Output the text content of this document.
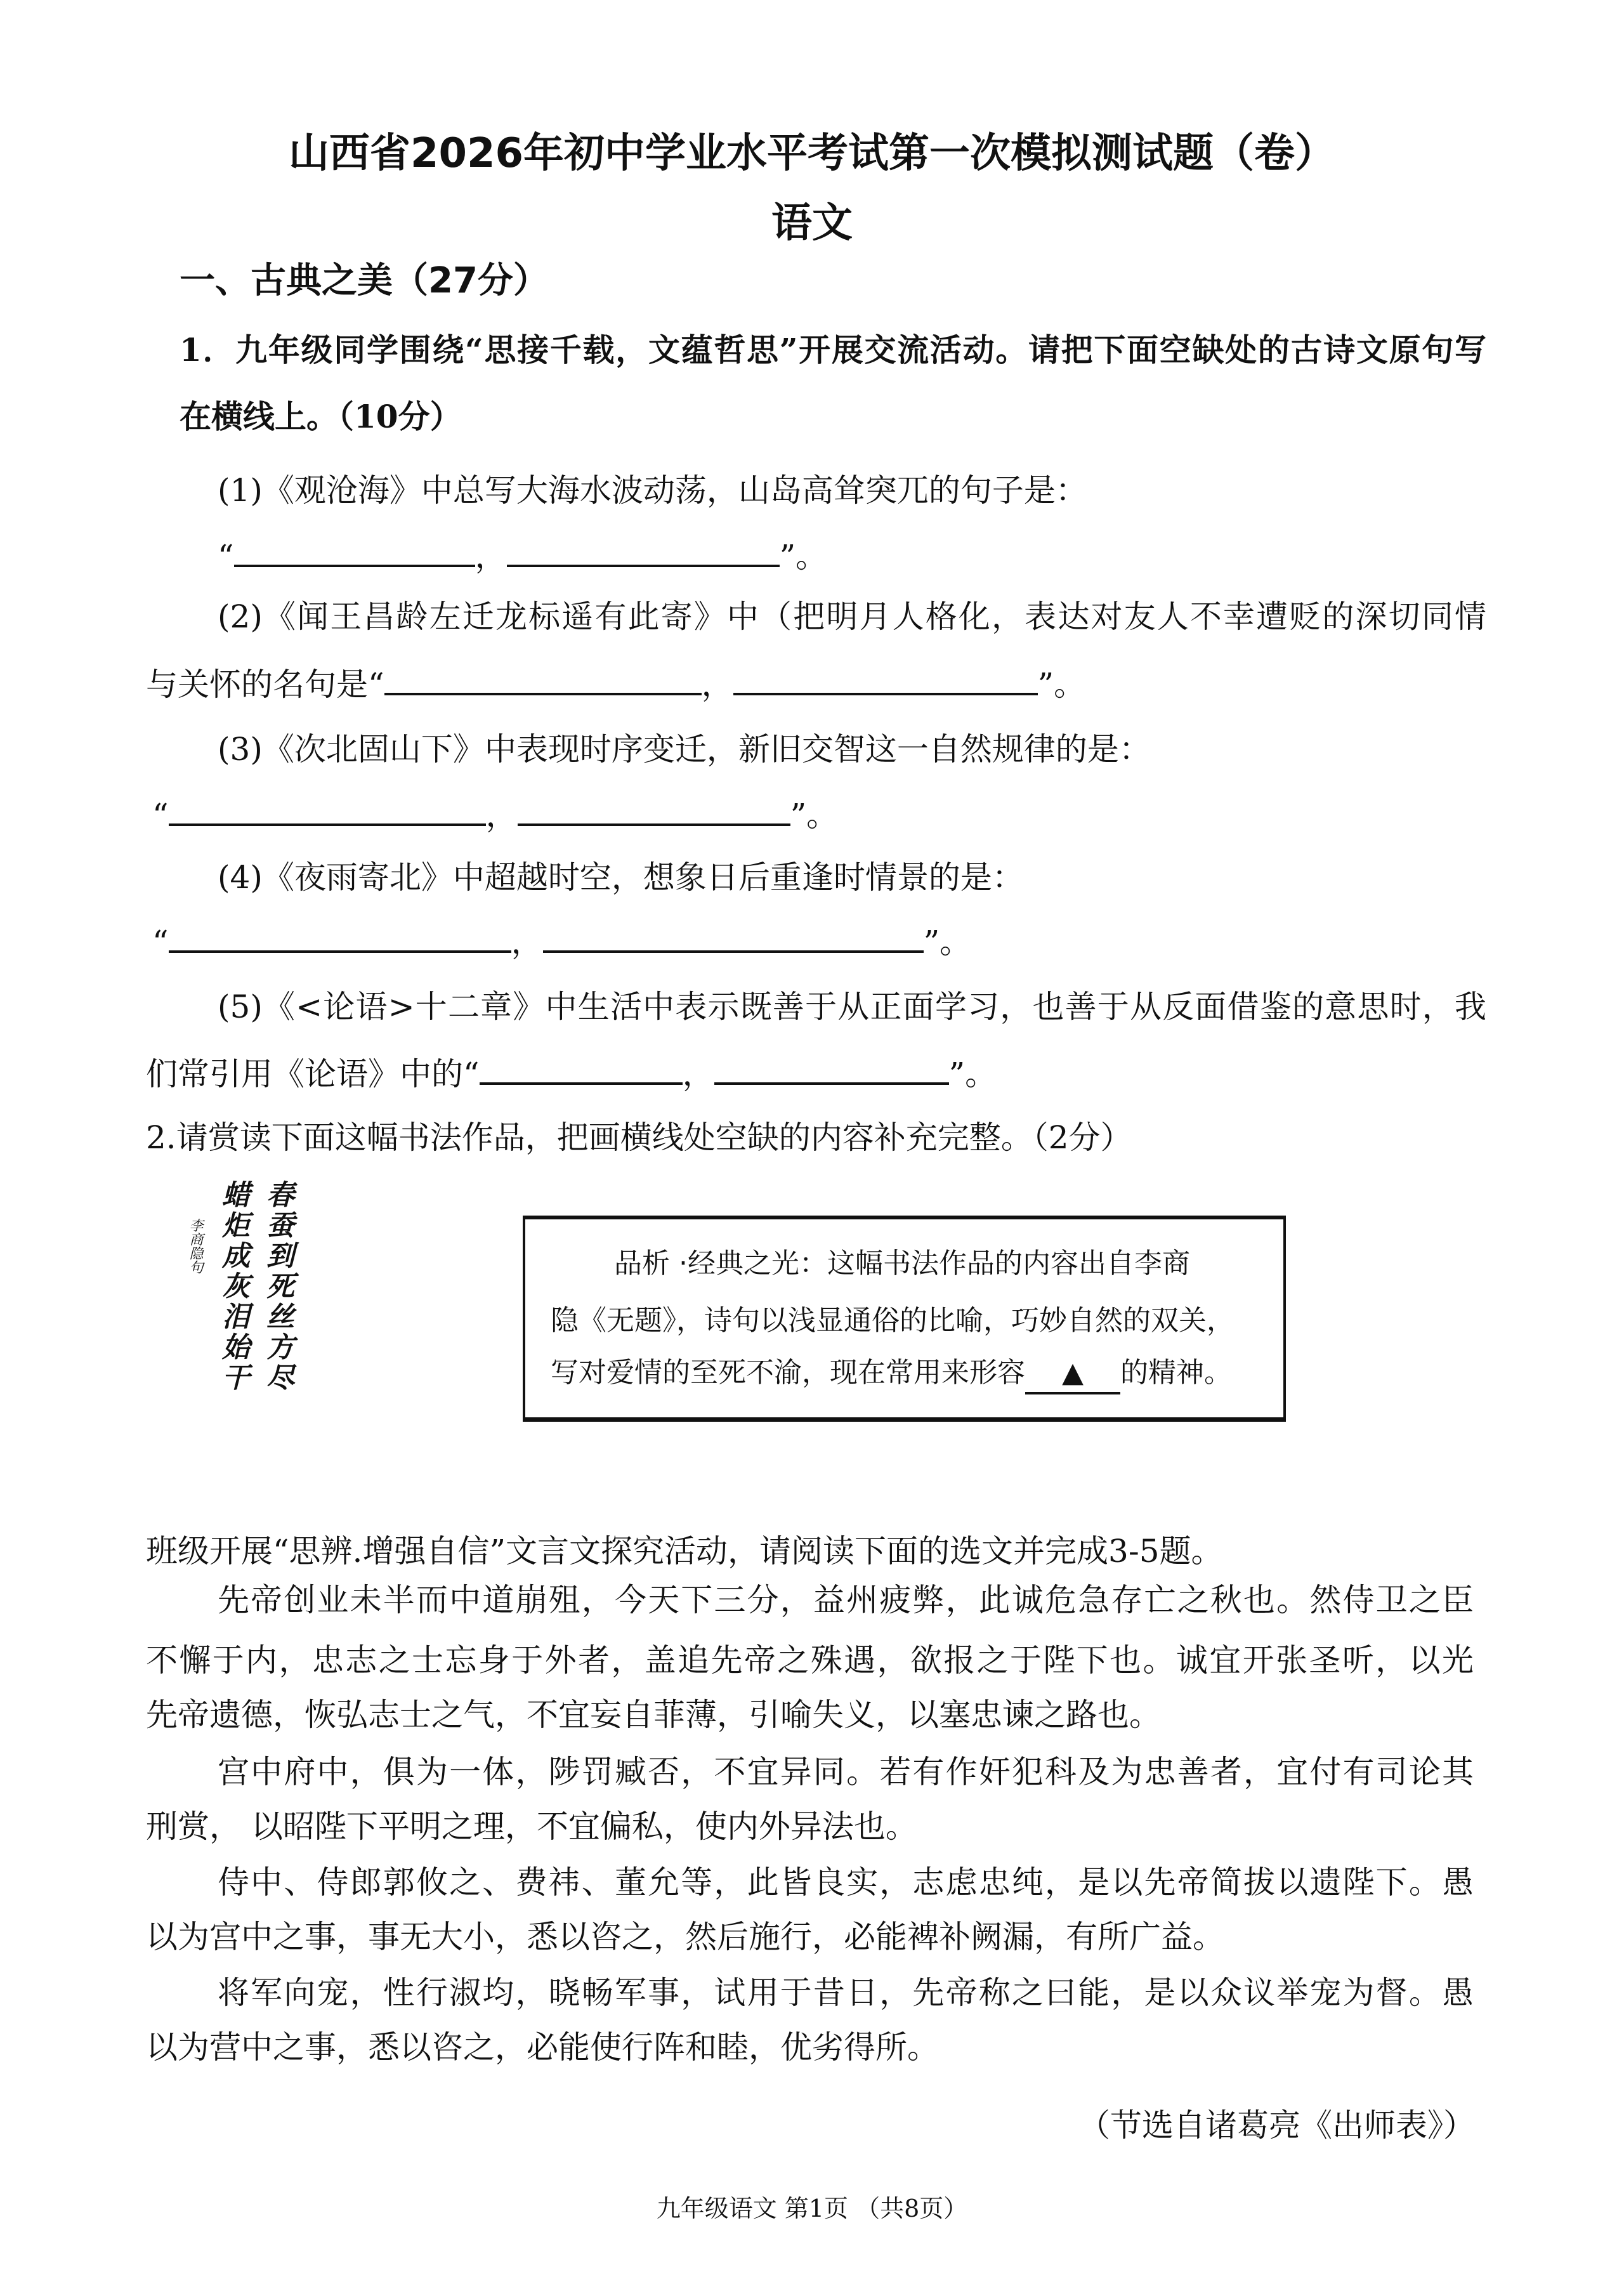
山西省2026年初中学业水平考试第一次模拟测试题（卷）
语文
一、古典之美（27分）
1．九年级同学围绕“思接千载，文蕴哲思”开展交流活动。请把下面空缺处的古诗文原句写
在横线上。（10分）
(1)《观沧海》中总写大海水波动荡，山岛高耸突兀的句子是：
“	，	”。
(2)《闻王昌龄左迁龙标遥有此寄》中（把明月人格化，表达对友人不幸遭贬的深切同情
与关怀的名句是“	，	”。
(3)《次北固山下》中表现时序变迁，新旧交智这一自然规律的是：
“	，	”。
(4)《夜雨寄北》中超越时空，想象日后重逢时情景的是：
“	，	”。
(5)《<论语>十二章》中生活中表示既善于从正面学习，也善于从反面借鉴的意思时，我
们常引用《论语》中的“	，	”。
2.请赏读下面这幅书法作品，把画横线处空缺的内容补充完整。（2分）
春蚕到死丝方尽
蜡炬成灰泪始干
李商隐句	品析 ·经典之光：这幅书法作品的内容出自李商
隐《无题》，诗句以浅显通俗的比喻，巧妙自然的双关，
写对爱情的至死不渝，现在常用来形容 ▲ 的精神。
班级开展“思辨.增强自信”文言文探究活动，请阅读下面的选文并完成3-5题。
先帝创业未半而中道崩殂，今天下三分，益州疲弊，此诚危急存亡之秋也。然侍卫之臣
不懈于内，忠志之士忘身于外者，盖追先帝之殊遇，欲报之于陛下也。诚宜开张圣听，以光
先帝遗德，恢弘志士之气，不宜妄自菲薄，引喻失义，以塞忠谏之路也。
宫中府中，俱为一体，陟罚臧否，不宜异同。若有作奸犯科及为忠善者，宜付有司论其
刑赏， 以昭陛下平明之理，不宜偏私，使内外异法也。
侍中、侍郎郭攸之、费祎、董允等，此皆良实，志虑忠纯，是以先帝简拔以遗陛下。愚
以为宫中之事，事无大小，悉以咨之，然后施行，必能裨补阙漏，有所广益。
将军向宠，性行淑均，晓畅军事，试用于昔日，先帝称之曰能，是以众议举宠为督。愚
以为营中之事，悉以咨之，必能使行阵和睦，优劣得所。
（节选自诸葛亮《出师表》）
九年级语文 第1页 （共8页）
